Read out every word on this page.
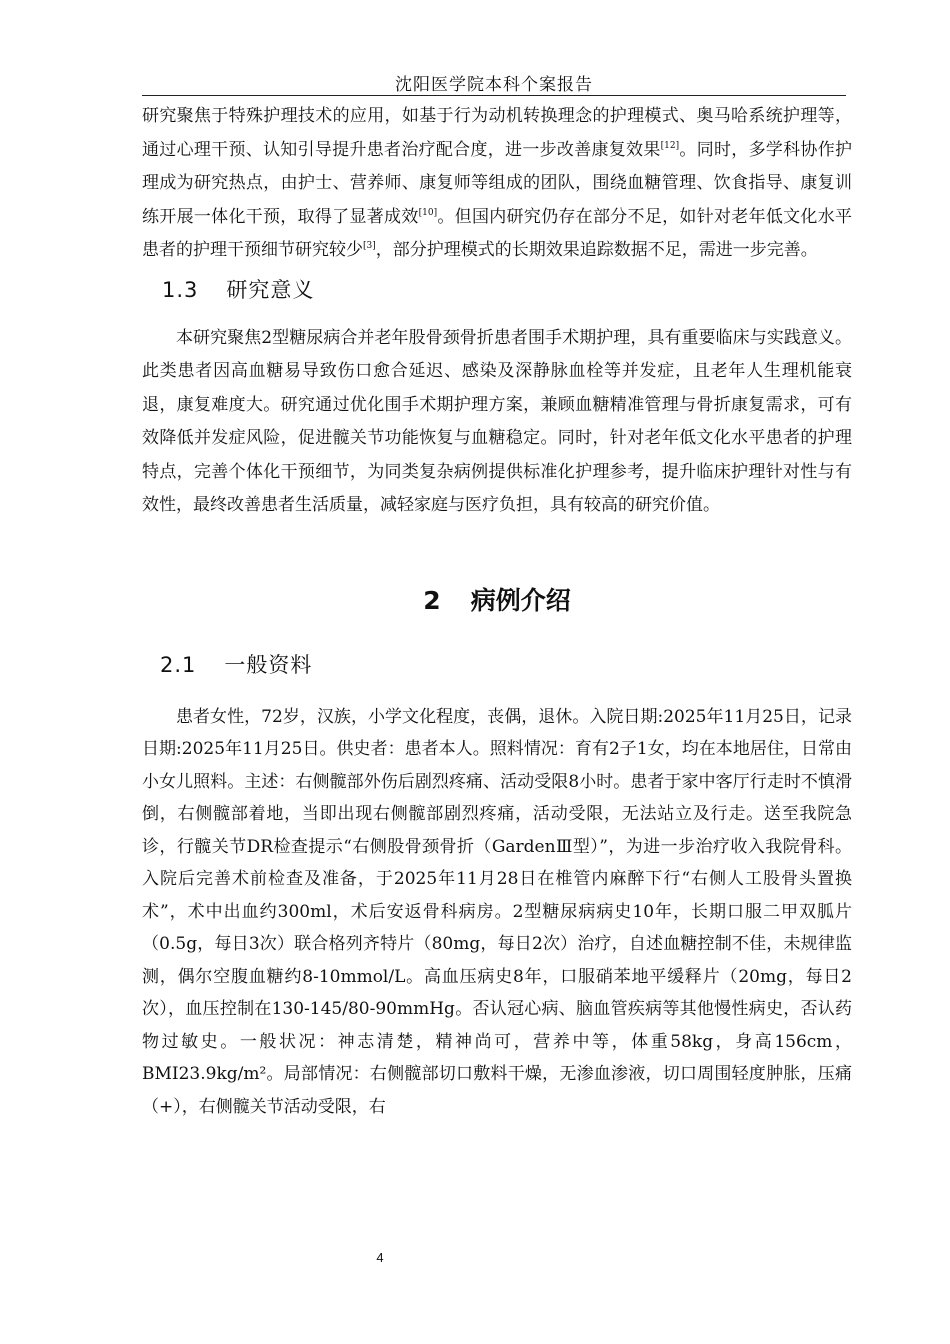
沈阳医学院本科个案报告

研究聚焦于特殊护理技术的应用，如基于行为动机转换理念的护理模式、奥马哈系统护理等，通过心理干预、认知引导提升患者治疗配合度，进一步改善康复效果[12]。同时，多学科协作护理成为研究热点，由护士、营养师、康复师等组成的团队，围绕血糖管理、饮食指导、康复训练开展一体化干预，取得了显著成效[10]。但国内研究仍存在部分不足，如针对老年低文化水平患者的护理干预细节研究较少[3]，部分护理模式的长期效果追踪数据不足，需进一步完善。

1.3 研究意义

本研究聚焦2型糖尿病合并老年股骨颈骨折患者围手术期护理，具有重要临床与实践意义。此类患者因高血糖易导致伤口愈合延迟、感染及深静脉血栓等并发症，且老年人生理机能衰退，康复难度大。研究通过优化围手术期护理方案，兼顾血糖精准管理与骨折康复需求，可有效降低并发症风险，促进髋关节功能恢复与血糖稳定。同时，针对老年低文化水平患者的护理特点，完善个体化干预细节，为同类复杂病例提供标准化护理参考，提升临床护理针对性与有效性，最终改善患者生活质量，减轻家庭与医疗负担，具有较高的研究价值。

2 病例介绍
2.1 一般资料

患者女性，72岁，汉族，小学文化程度，丧偶，退休。入院日期:2025年11月25日，记录日期:2025年11月25日。供史者：患者本人。照料情况：育有2子1女，均在本地居住，日常由小女儿照料。主述：右侧髋部外伤后剧烈疼痛、活动受限8小时。患者于家中客厅行走时不慎滑倒，右侧髋部着地，当即出现右侧髋部剧烈疼痛，活动受限，无法站立及行走。送至我院急诊，行髋关节DR检查提示“右侧股骨颈骨折（GardenⅢ型）”，为进一步治疗收入我院骨科。入院后完善术前检查及准备，于2025年11月28日在椎管内麻醉下行“右侧人工股骨头置换术”，术中出血约300ml，术后安返骨科病房。2型糖尿病病史10年，长期口服二甲双胍片（0.5g，每日3次）联合格列齐特片（80mg，每日2次）治疗，自述血糖控制不佳，未规律监测，偶尔空腹血糖约8-10mmol/L。高血压病史8年，口服硝苯地平缓释片（20mg，每日2次），血压控制在130-145/80-90mmHg。否认冠心病、脑血管疾病等其他慢性病史，否认药物过敏史。一般状况：神志清楚，精神尚可，营养中等，体重58kg，身高156cm，BMI23.9kg/m²。局部情况：右侧髋部切口敷料干燥，无渗血渗液，切口周围轻度肿胀，压痛（+），右侧髋关节活动受限，右

4
